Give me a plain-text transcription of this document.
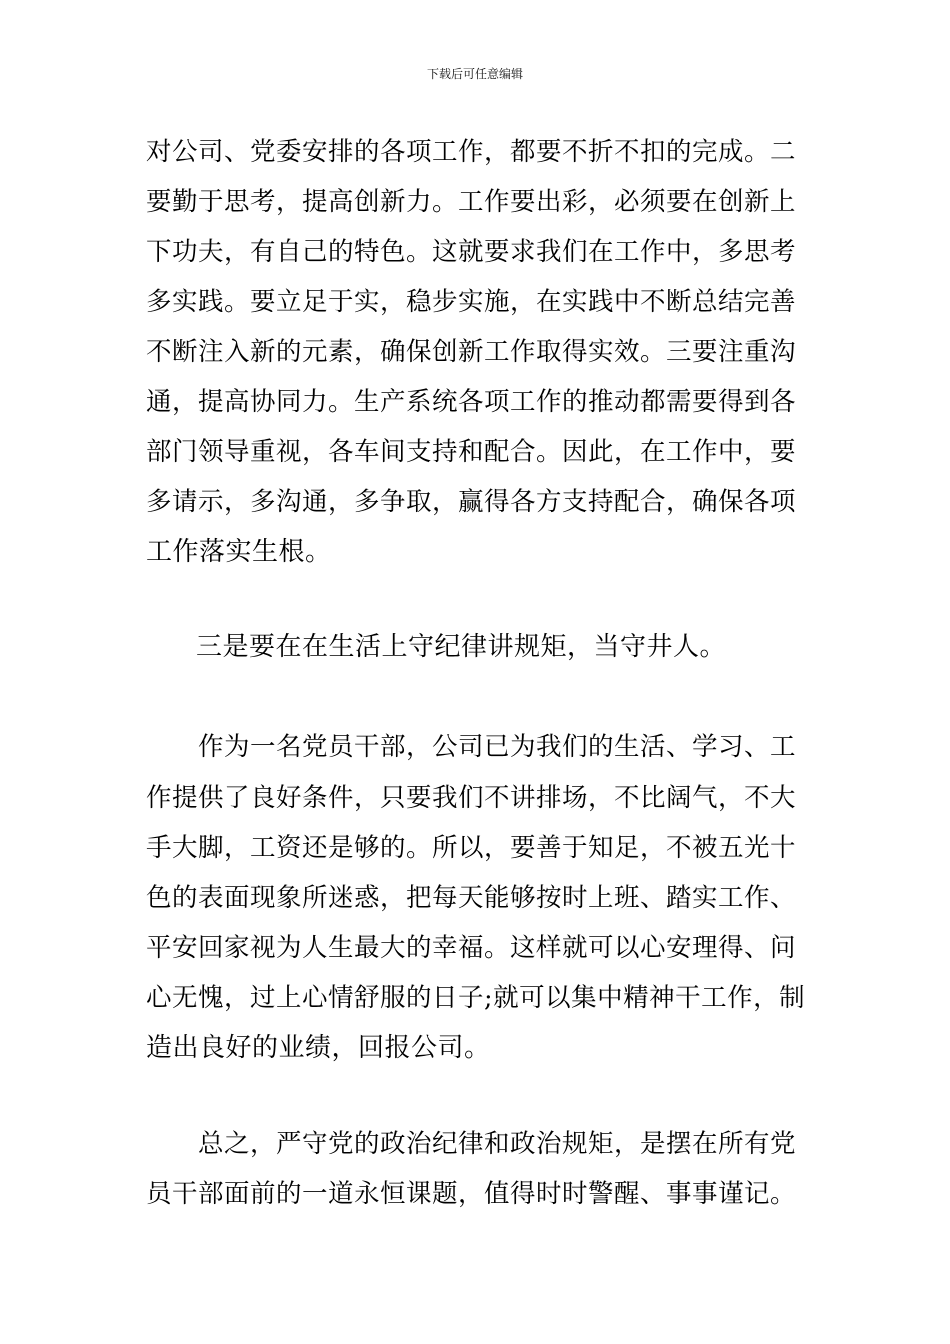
下载后可任意编辑
对公司、党委安排的各项工作，都要不折不扣的完成。二
要勤于思考，提高创新力。工作要出彩，必须要在创新上
下功夫，有自己的特色。这就要求我们在工作中，多思考
多实践。要立足于实，稳步实施，在实践中不断总结完善
不断注入新的元素，确保创新工作取得实效。三要注重沟
通，提高协同力。生产系统各项工作的推动都需要得到各
部门领导重视，各车间支持和配合。因此，在工作中，要
多请示，多沟通，多争取，赢得各方支持配合，确保各项
工作落实生根。
三是要在在生活上守纪律讲规矩，当守井人。
作为一名党员干部，公司已为我们的生活、学习、工
作提供了良好条件，只要我们不讲排场，不比阔气，不大
手大脚，工资还是够的。所以，要善于知足，不被五光十
色的表面现象所迷惑，把每天能够按时上班、踏实工作、
平安回家视为人生最大的幸福。这样就可以心安理得、问
心无愧，过上心情舒服的日子;就可以集中精神干工作，制
造出良好的业绩，回报公司。
总之，严守党的政治纪律和政治规矩，是摆在所有党
员干部面前的一道永恒课题，值得时时警醒、事事谨记。
